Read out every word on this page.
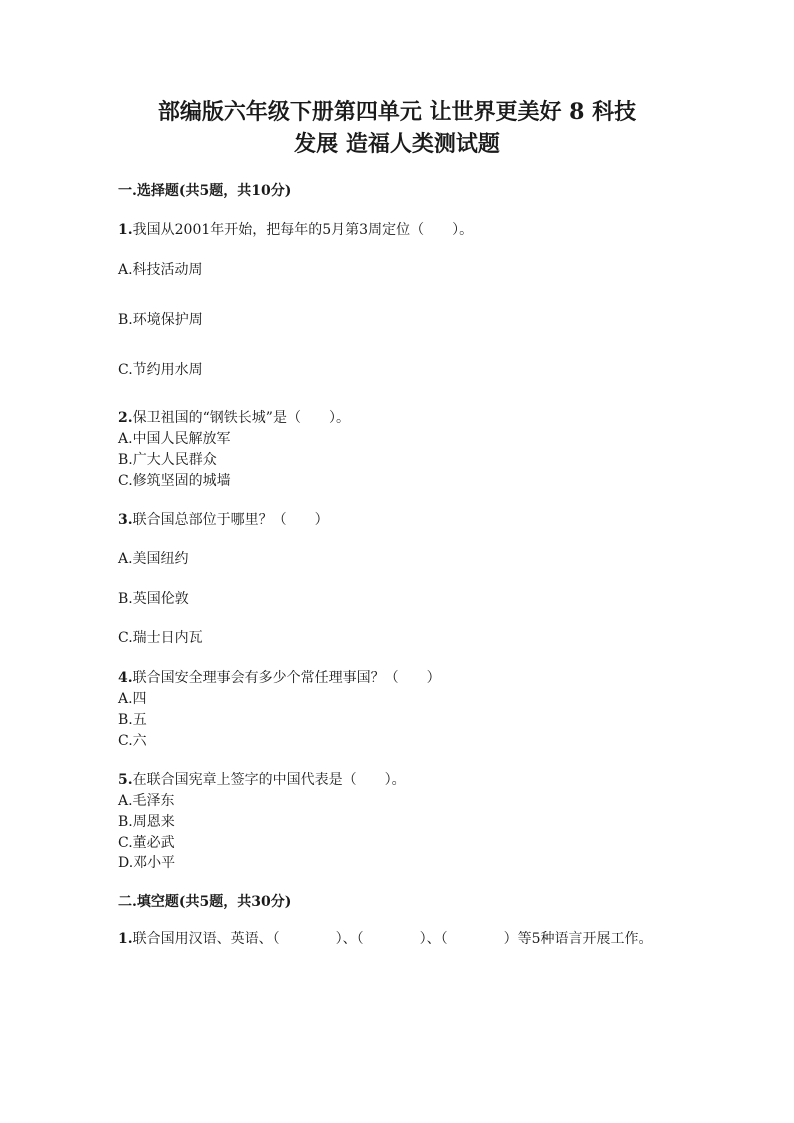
部编版六年级下册第四单元 让世界更美好 8 科技
发展 造福人类测试题
一.选择题(共5题，共10分)
1.我国从2001年开始，把每年的5月第3周定位（　　）。
A.科技活动周
B.环境保护周
C.节约用水周
2.保卫祖国的“钢铁长城”是（　　）。
A.中国人民解放军
B.广大人民群众
C.修筑坚固的城墙
3.联合国总部位于哪里？（　　）
A.美国纽约
B.英国伦敦
C.瑞士日内瓦
4.联合国安全理事会有多少个常任理事国？（　　）
A.四
B.五
C.六
5.在联合国宪章上签字的中国代表是（　　）。
A.毛泽东
B.周恩来
C.董必武
D.邓小平
二.填空题(共5题，共30分)
1.联合国用汉语、英语、（　　　　）、（　　　　）、（　　　　）等5种语言开展工作。
